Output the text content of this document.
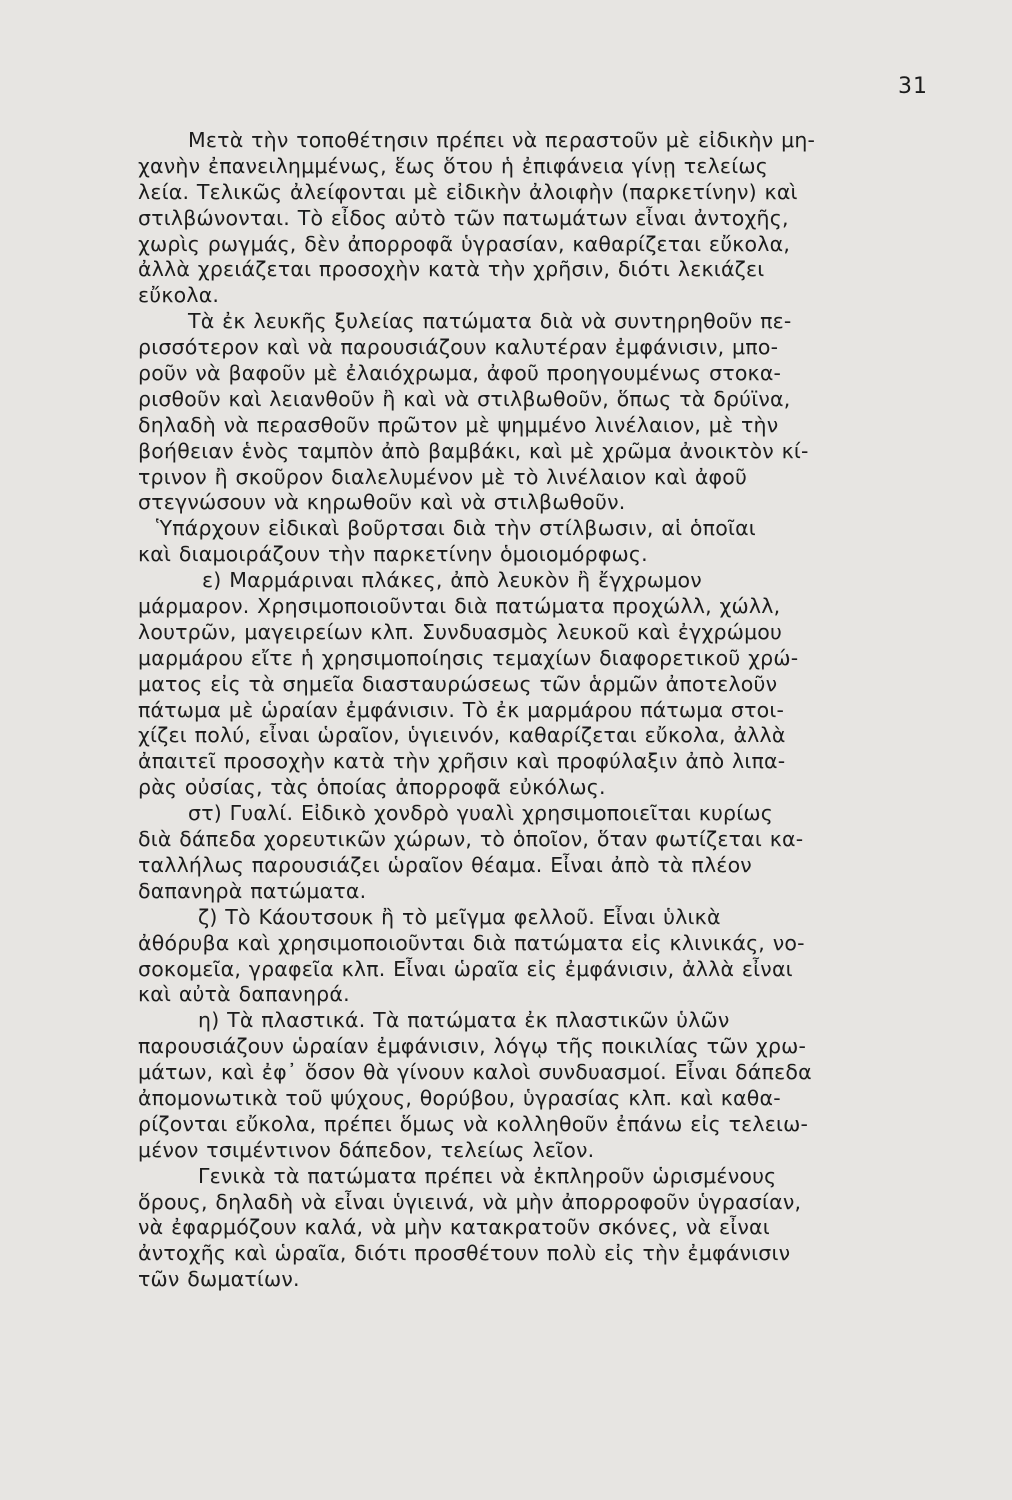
31
Μετὰ τὴν τοποθέτησιν πρέπει νὰ περαστοῦν μὲ εἰδικὴν μη-
χανὴν ἐπανειλημμένως, ἕως ὅτου ἡ ἐπιφάνεια γίνῃ τελείως
λεία. Τελικῶς ἀλείφονται μὲ εἰδικὴν ἀλοιφὴν (παρκετίνην) καὶ
στιλβώνονται. Τὸ εἶδος αὐτὸ τῶν πατωμάτων εἶναι ἀντοχῆς,
χωρὶς ρωγμάς, δὲν ἀπορροφᾶ ὑγρασίαν, καθαρίζεται εὔκολα,
ἀλλὰ χρειάζεται προσοχὴν κατὰ τὴν χρῆσιν, διότι λεκιάζει
εὔκολα.
Τὰ ἐκ λευκῆς ξυλείας πατώματα διὰ νὰ συντηρηθοῦν πε-
ρισσότερον καὶ νὰ παρουσιάζουν καλυτέραν ἐμφάνισιν, μπο-
ροῦν νὰ βαφοῦν μὲ ἐλαιόχρωμα, ἀφοῦ προηγουμένως στοκα-
ρισθοῦν καὶ λειανθοῦν ἢ καὶ νὰ στιλβωθοῦν, ὅπως τὰ δρύϊνα,
δηλαδὴ νὰ περασθοῦν πρῶτον μὲ ψημμένο λινέλαιον, μὲ τὴν
βοήθειαν ἑνὸς ταμπὸν ἀπὸ βαμβάκι, καὶ μὲ χρῶμα ἀνοικτὸν κί-
τρινον ἢ σκοῦρον διαλελυμένον μὲ τὸ λινέλαιον καὶ ἀφοῦ
στεγνώσουν νὰ κηρωθοῦν καὶ νὰ στιλβωθοῦν.
Ὑπάρχουν εἰδικαὶ βοῦρτσαι διὰ τὴν στίλβωσιν, αἱ ὁποῖαι
καὶ διαμοιράζουν τὴν παρκετίνην ὁμοιομόρφως.
ε) Μαρμάριναι πλάκες, ἀπὸ λευκὸν ἢ ἔγχρωμον
μάρμαρον. Χρησιμοποιοῦνται διὰ πατώματα προχώλλ, χώλλ,
λουτρῶν, μαγειρείων κλπ. Συνδυασμὸς λευκοῦ καὶ ἐγχρώμου
μαρμάρου εἴτε ἡ χρησιμοποίησις τεμαχίων διαφορετικοῦ χρώ-
ματος εἰς τὰ σημεῖα διασταυρώσεως τῶν ἁρμῶν ἀποτελοῦν
πάτωμα μὲ ὡραίαν ἐμφάνισιν. Τὸ ἐκ μαρμάρου πάτωμα στοι-
χίζει πολύ, εἶναι ὡραῖον, ὑγιεινόν, καθαρίζεται εὔκολα, ἀλλὰ
ἀπαιτεῖ προσοχὴν κατὰ τὴν χρῆσιν καὶ προφύλαξιν ἀπὸ λιπα-
ρὰς οὐσίας, τὰς ὁποίας ἀπορροφᾶ εὐκόλως.
στ) Γυαλί. Εἰδικὸ χονδρὸ γυαλὶ χρησιμοποιεῖται κυρίως
διὰ δάπεδα χορευτικῶν χώρων, τὸ ὁποῖον, ὅταν φωτίζεται κα-
ταλλήλως παρουσιάζει ὡραῖον θέαμα. Εἶναι ἀπὸ τὰ πλέον
δαπανηρὰ πατώματα.
ζ) Τὸ Κάουτσουκ ἢ τὸ μεῖγμα φελλοῦ. Εἶναι ὑλικὰ
ἀθόρυβα καὶ χρησιμοποιοῦνται διὰ πατώματα εἰς κλινικάς, νο-
σοκομεῖα, γραφεῖα κλπ. Εἶναι ὡραῖα εἰς ἐμφάνισιν, ἀλλὰ εἶναι
καὶ αὐτὰ δαπανηρά.
η) Τὰ πλαστικά. Τὰ πατώματα ἐκ πλαστικῶν ὑλῶν
παρουσιάζουν ὡραίαν ἐμφάνισιν, λόγῳ τῆς ποικιλίας τῶν χρω-
μάτων, καὶ ἐφ᾽ ὅσον θὰ γίνουν καλοὶ συνδυασμοί. Εἶναι δάπεδα
ἀπομονωτικὰ τοῦ ψύχους, θορύβου, ὑγρασίας κλπ. καὶ καθα-
ρίζονται εὔκολα, πρέπει ὅμως νὰ κολληθοῦν ἐπάνω εἰς τελειω-
μένον τσιμέντινον δάπεδον, τελείως λεῖον.
Γενικὰ τὰ πατώματα πρέπει νὰ ἐκπληροῦν ὡρισμένους
ὅρους, δηλαδὴ νὰ εἶναι ὑγιεινά, νὰ μὴν ἀπορροφοῦν ὑγρασίαν,
νὰ ἐφαρμόζουν καλά, νὰ μὴν κατακρατοῦν σκόνες, νὰ εἶναι
ἀντοχῆς καὶ ὡραῖα, διότι προσθέτουν πολὺ εἰς τὴν ἐμφάνισιν
τῶν δωματίων.
